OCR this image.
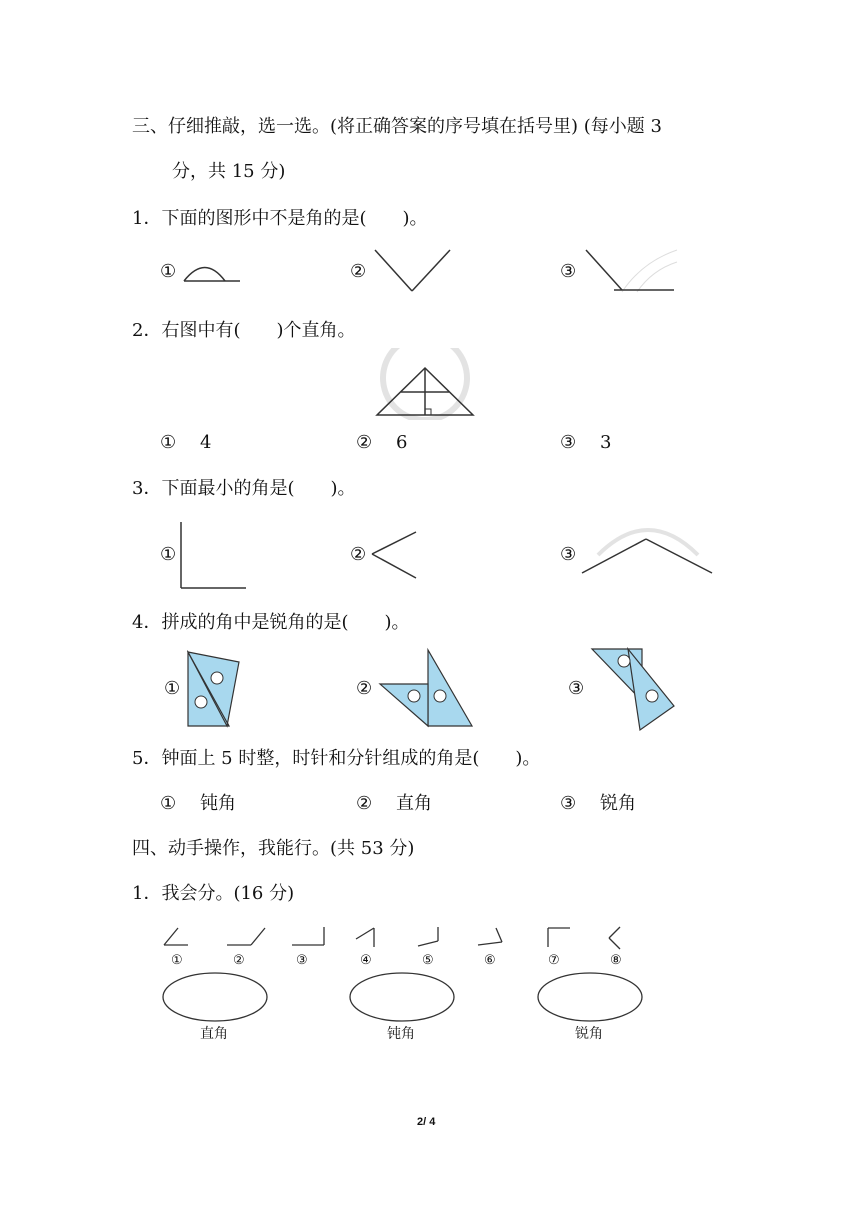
三、仔细推敲，选一选。(将正确答案的序号填在括号里) (每小题 3
分，共 15 分)
1．下面的图形中不是角的是(　　)。
①	②	③
2．右图中有(　　)个直角。
① 4	② 6	③ 3
3．下面最小的角是(　　)。
①	②	③
4．拼成的角中是锐角的是(　　)。
①	②	③
5．钟面上 5 时整，时针和分针组成的角是(　　)。
① 钝角	② 直角	③ 锐角
四、动手操作，我能行。(共 53 分)
1．我会分。(16 分)
①	②	③	④	⑤	⑥	⑦	⑧
直角	钝角	锐角
2/ 4
